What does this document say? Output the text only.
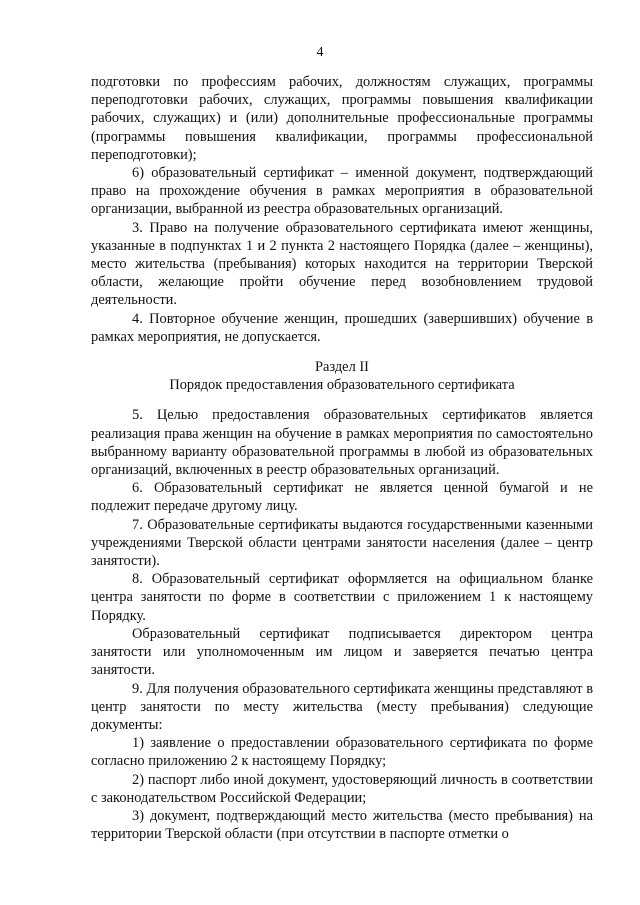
4

подготовки по профессиям рабочих, должностям служащих, программы переподготовки рабочих, служащих, программы повышения квалификации рабочих, служащих) и (или) дополнительные профессиональные программы (программы повышения квалификации, программы профессиональной переподготовки);

6) образовательный сертификат – именной документ, подтверждающий право на прохождение обучения в рамках мероприятия в образовательной организации, выбранной из реестра образовательных организаций.

3. Право на получение образовательного сертификата имеют женщины, указанные в подпунктах 1 и 2 пункта 2 настоящего Порядка (далее – женщины), место жительства (пребывания) которых находится на территории Тверской области, желающие пройти обучение перед возобновлением трудовой деятельности.

4. Повторное обучение женщин, прошедших (завершивших) обучение в рамках мероприятия, не допускается.

Раздел II

Порядок предоставления образовательного сертификата

5. Целью предоставления образовательных сертификатов является реализация права женщин на обучение в рамках мероприятия по самостоятельно выбранному варианту образовательной программы в любой из образовательных организаций, включенных в реестр образовательных организаций.

6. Образовательный сертификат не является ценной бумагой и не подлежит передаче другому лицу.

7. Образовательные сертификаты выдаются государственными казенными учреждениями Тверской области центрами занятости населения (далее – центр занятости).

8. Образовательный сертификат оформляется на официальном бланке центра занятости по форме в соответствии с приложением 1 к настоящему Порядку.

Образовательный сертификат подписывается директором центра занятости или уполномоченным им лицом и заверяется печатью центра занятости.

9. Для получения образовательного сертификата женщины представляют в центр занятости по месту жительства (месту пребывания) следующие документы:

1) заявление о предоставлении образовательного сертификата по форме согласно приложению 2 к настоящему Порядку;

2) паспорт либо иной документ, удостоверяющий личность в соответствии с законодательством Российской Федерации;

3) документ, подтверждающий место жительства (место пребывания) на территории Тверской области (при отсутствии в паспорте отметки о
